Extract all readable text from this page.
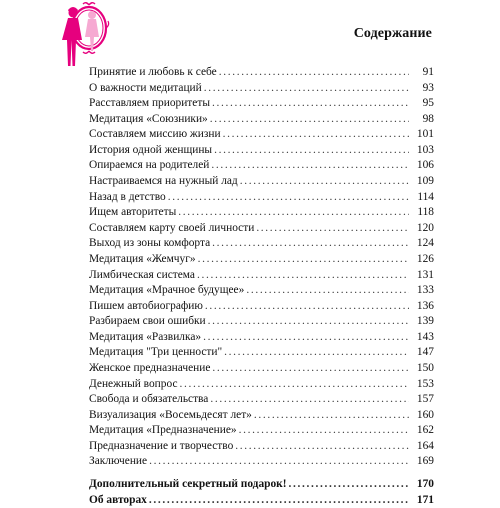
Содержание
Принятие и любовь к себе . . .	91
О важности медитаций . . .	93
Расставляем приоритеты . . .	95
Медитация «Союзники» . . .	98
Составляем миссию жизни . . .	101
История одной женщины . . .	103
Опираемся на родителей . . .	106
Настраиваемся на нужный лад . . .	109
Назад в детство . . .	114
Ищем авторитеты . . .	118
Составляем карту своей личности . . .	120
Выход из зоны комфорта . . .	124
Медитация «Жемчуг» . . .	126
Лимбическая система . . .	131
Медитация «Мрачное будущее» . . .	133
Пишем автобиографию . . .	136
Разбираем свои ошибки . . .	139
Медитация «Развилка» . . .	143
Медитация "Три ценности" . . .	147
Женское предназначение . . .	150
Денежный вопрос . . .	153
Свобода и обязательства . . .	157
Визуализация «Восемьдесят лет» . . .	160
Медитация «Предназначение» . . .	162
Предназначение и творчество . . .	164
Заключение . . .	169
Дополнительный секретный подарок! . . .	170
Об авторах . . .	171
